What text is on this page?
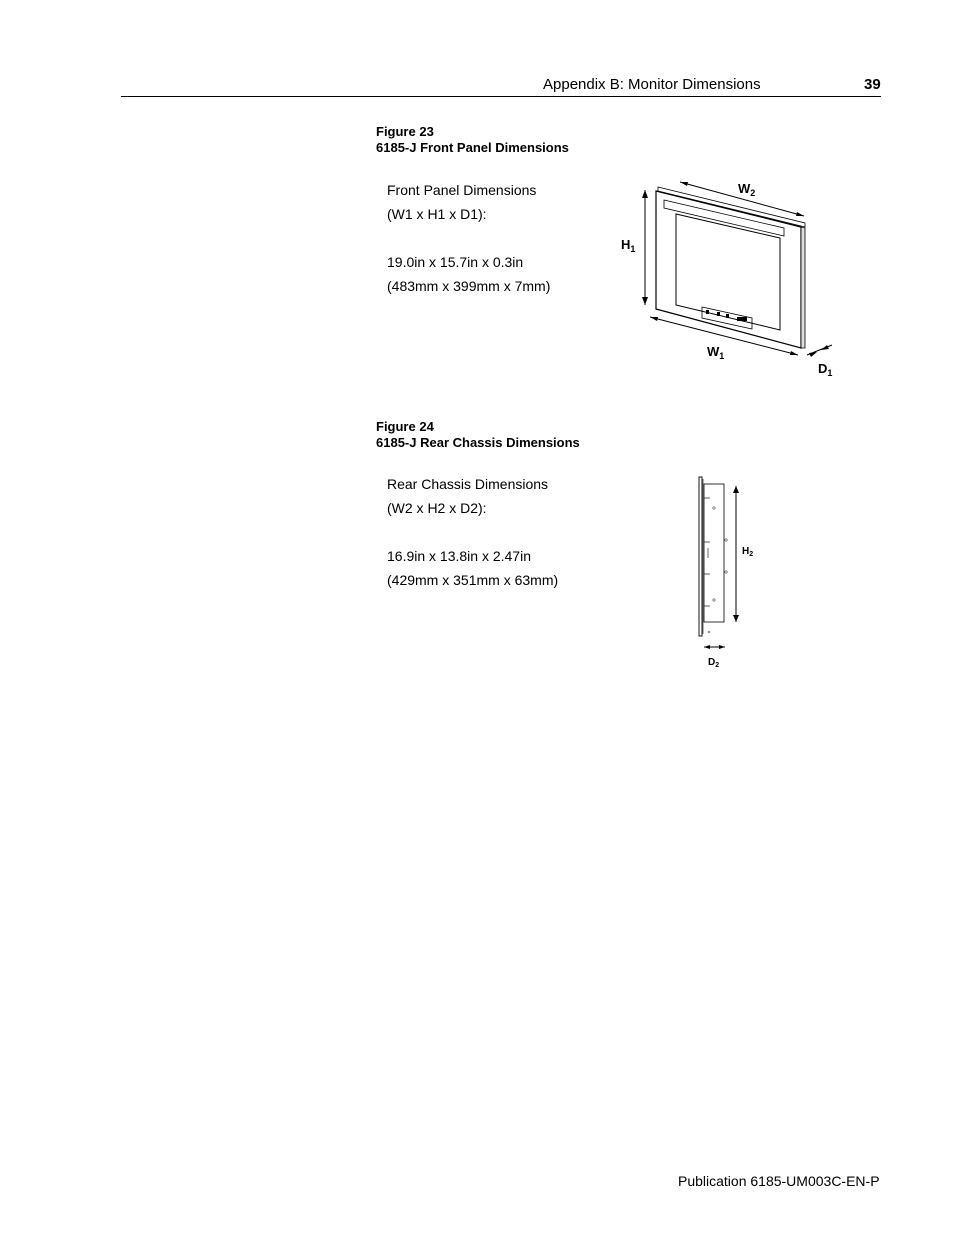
Appendix B: Monitor Dimensions	39
Figure 23
6185-J Front Panel Dimensions
Front Panel Dimensions
(W1 x H1 x D1):
19.0in x 15.7in x 0.3in
(483mm x 399mm x 7mm)
$W_2$
$H_1$
$W_1$
$D_1$
Figure 24
6185-J Rear Chassis Dimensions
Rear Chassis Dimensions
(W2 x H2 x D2):
16.9in x 13.8in x 2.47in
(429mm x 351mm x 63mm)
$H_2$
$D_2$
Publication 6185-UM003C-EN-P
